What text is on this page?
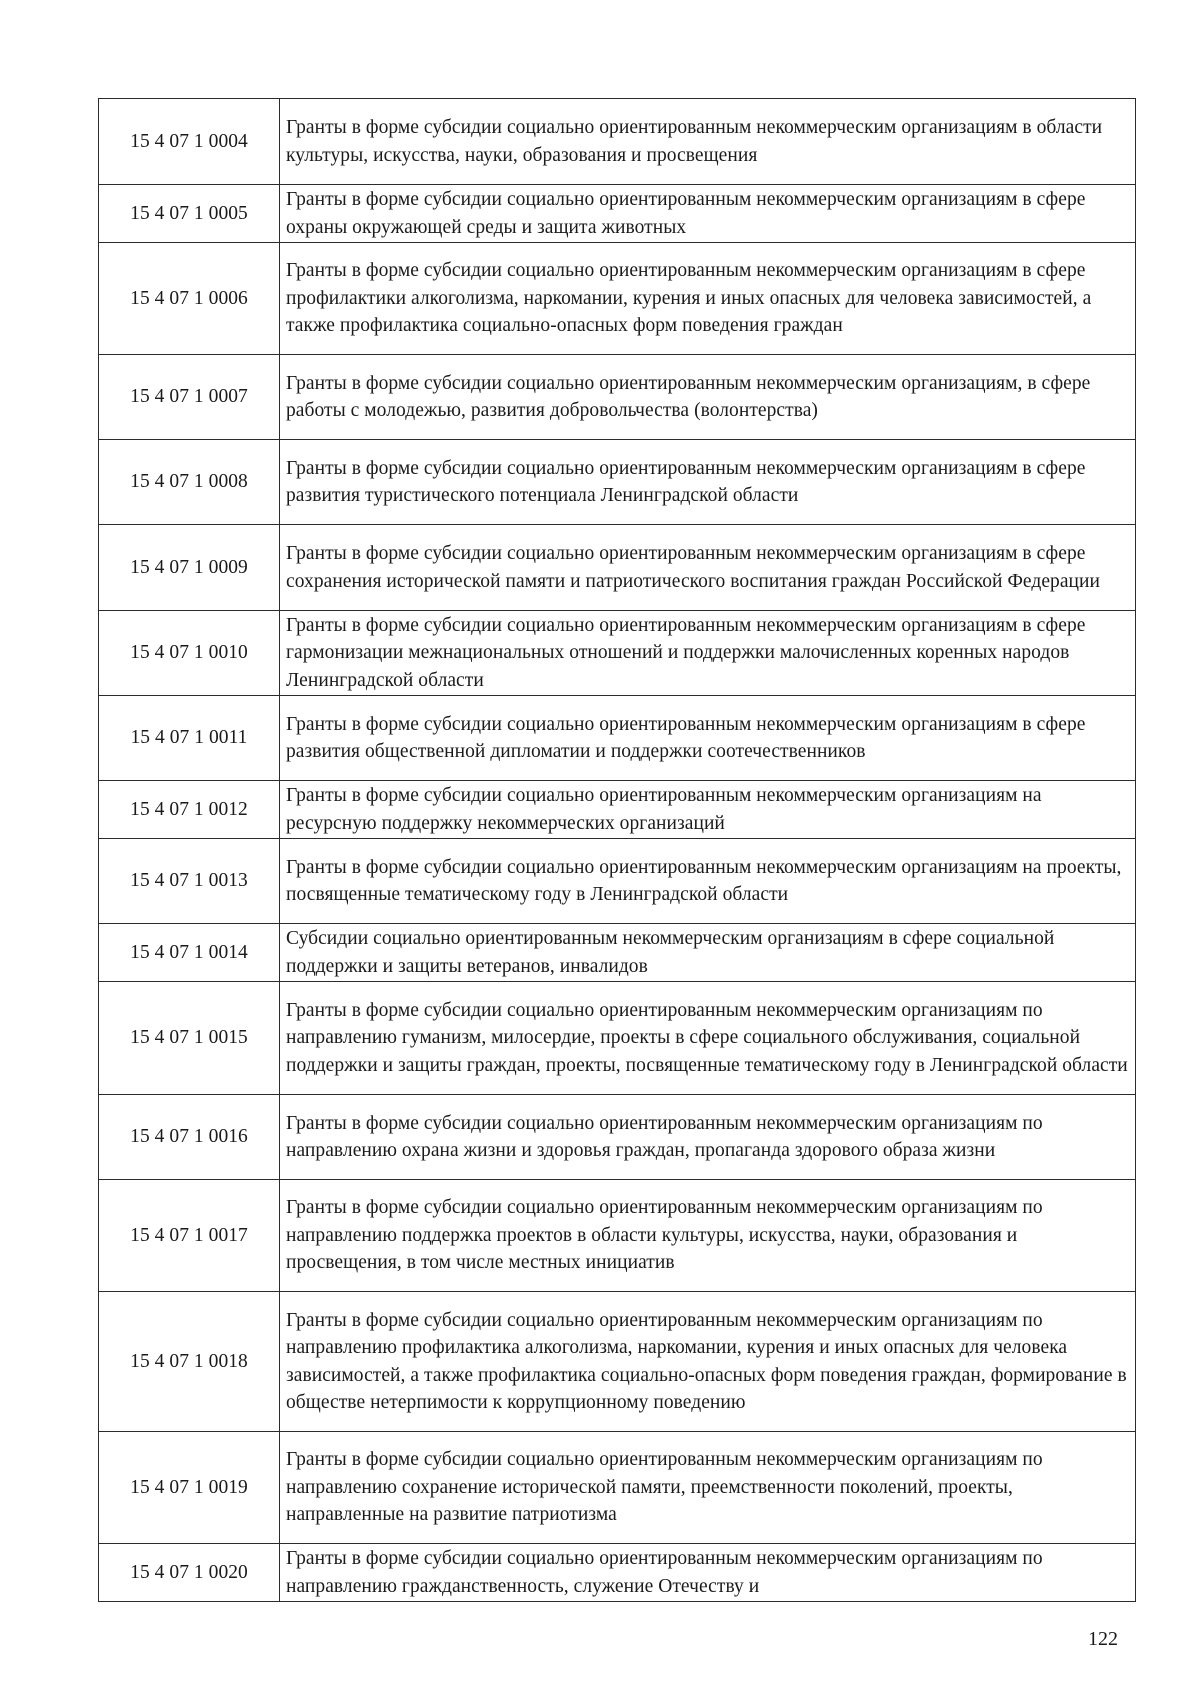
15 4 07 1 0004	Гранты в форме субсидии социально ориентированным некоммерческим организациям в области культуры, искусства, науки, образования и просвещения
15 4 07 1 0005	Гранты в форме субсидии социально ориентированным некоммерческим организациям в сфере охраны окружающей среды и защита животных
15 4 07 1 0006	Гранты в форме субсидии социально ориентированным некоммерческим организациям в сфере профилактики алкоголизма, наркомании, курения и иных опасных для человека зависимостей, а также профилактика социально-опасных форм поведения граждан
15 4 07 1 0007	Гранты в форме субсидии социально ориентированным некоммерческим организациям, в сфере работы с молодежью, развития добровольчества (волонтерства)
15 4 07 1 0008	Гранты в форме субсидии социально ориентированным некоммерческим организациям в сфере развития туристического потенциала Ленинградской области
15 4 07 1 0009	Гранты в форме субсидии социально ориентированным некоммерческим организациям в сфере сохранения исторической памяти и патриотического воспитания граждан Российской Федерации
15 4 07 1 0010	Гранты в форме субсидии социально ориентированным некоммерческим организациям в сфере гармонизации межнациональных отношений и поддержки малочисленных коренных народов Ленинградской области
15 4 07 1 0011	Гранты в форме субсидии социально ориентированным некоммерческим организациям в сфере развития общественной дипломатии и поддержки соотечественников
15 4 07 1 0012	Гранты в форме субсидии социально ориентированным некоммерческим организациям на ресурсную поддержку некоммерческих организаций
15 4 07 1 0013	Гранты в форме субсидии социально ориентированным некоммерческим организациям на проекты, посвященные тематическому году в Ленинградской области
15 4 07 1 0014	Субсидии социально ориентированным некоммерческим организациям в сфере социальной поддержки и защиты ветеранов, инвалидов
15 4 07 1 0015	Гранты в форме субсидии социально ориентированным некоммерческим организациям по направлению гуманизм, милосердие, проекты в сфере социального обслуживания, социальной поддержки и защиты граждан, проекты, посвященные тематическому году в Ленинградской области
15 4 07 1 0016	Гранты в форме субсидии социально ориентированным некоммерческим организациям по направлению охрана жизни и здоровья граждан, пропаганда здорового образа жизни
15 4 07 1 0017	Гранты в форме субсидии социально ориентированным некоммерческим организациям по направлению поддержка проектов в области культуры, искусства, науки, образования и просвещения, в том числе местных инициатив
15 4 07 1 0018	Гранты в форме субсидии социально ориентированным некоммерческим организациям по направлению профилактика алкоголизма, наркомании, курения и иных опасных для человека зависимостей, а также профилактика социально-опасных форм поведения граждан, формирование в обществе нетерпимости к коррупционному поведению
15 4 07 1 0019	Гранты в форме субсидии социально ориентированным некоммерческим организациям по направлению сохранение исторической памяти, преемственности поколений, проекты, направленные на развитие патриотизма
15 4 07 1 0020	Гранты в форме субсидии социально ориентированным некоммерческим организациям по направлению гражданственность, служение Отечеству и
122
